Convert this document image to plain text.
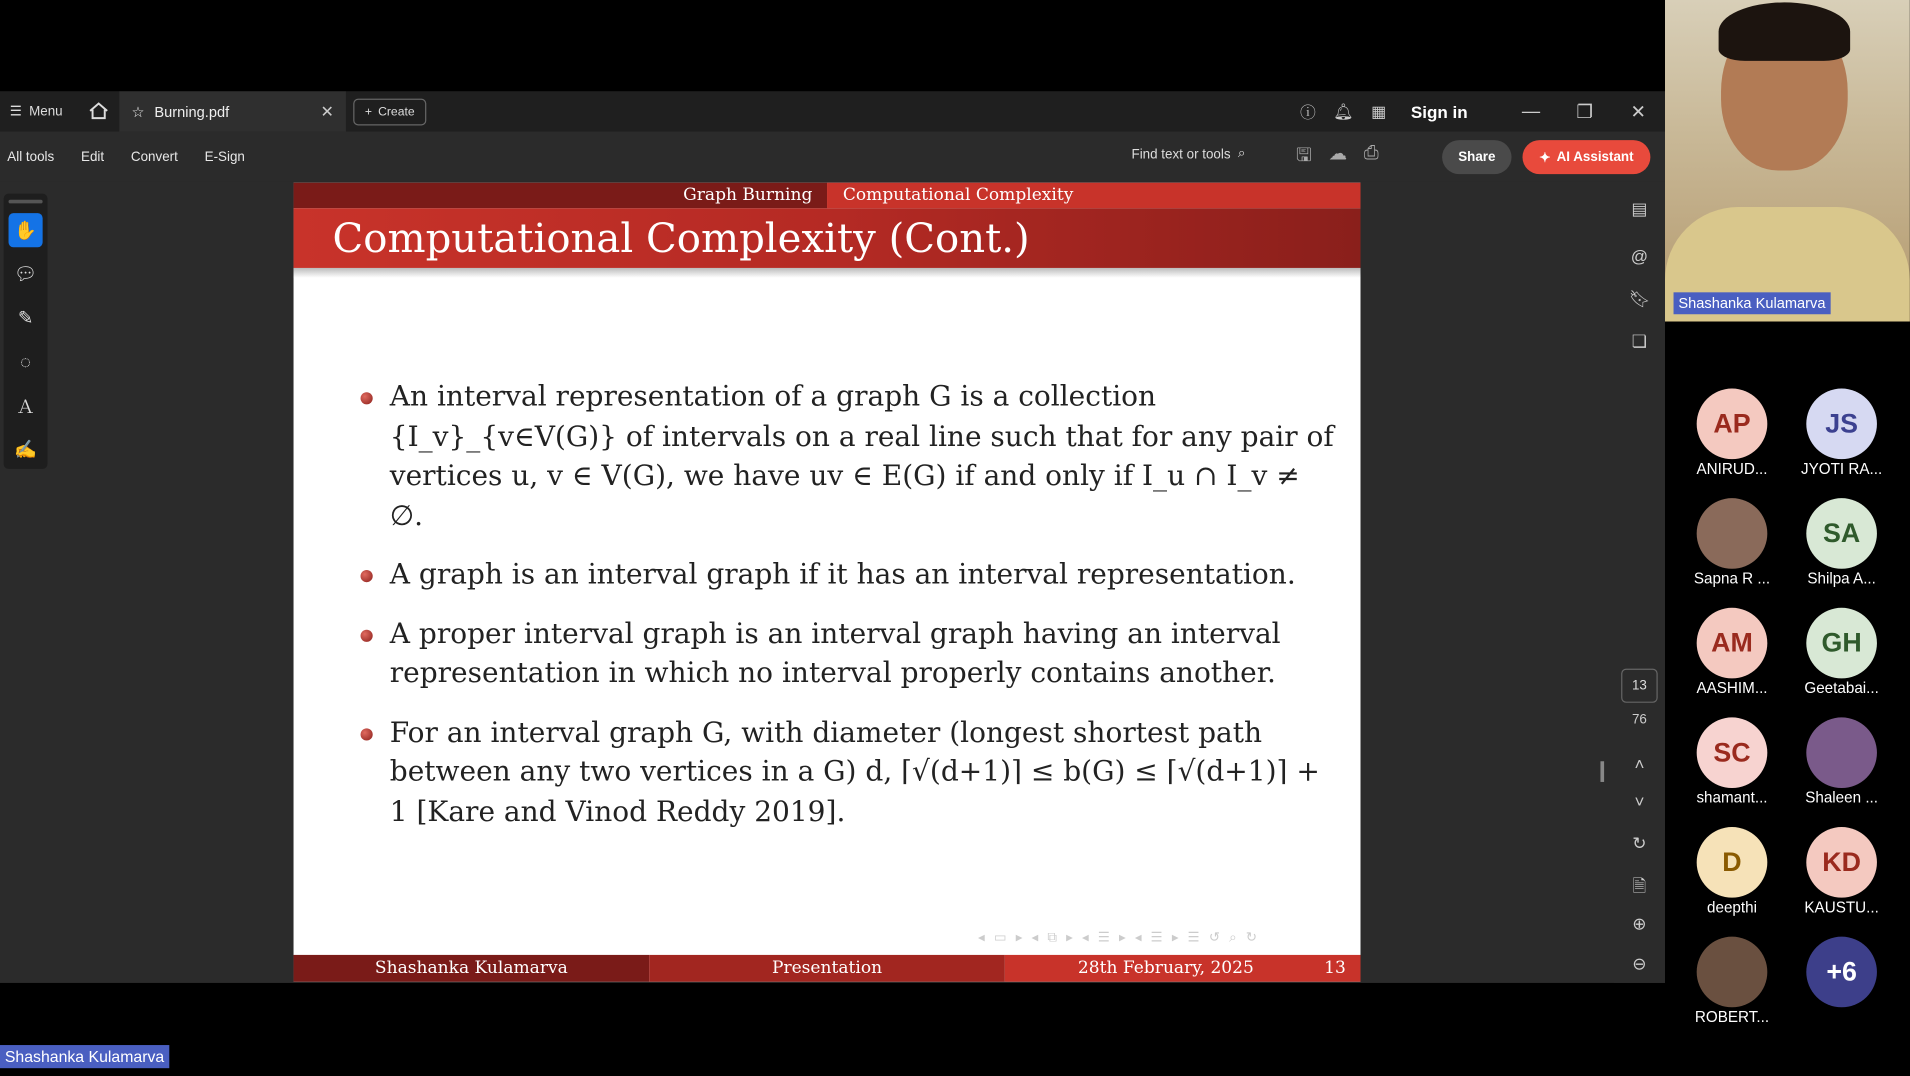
☰ Menu	☆ Burning.pdf	✕	+ Create	ⓘ	🔔︎	▦	Sign in	—	❐	✕
All tools Edit Convert E-Sign	Find text or tools ⌕	🖫 ☁ ⎙	Share	✦ AI Assistant
✋
💬︎
✎
◌
Ａ
✍
▤
@
🔖︎
❏
13
76
˄
˅
↻
🗎
⊕
⊖
Graph Burning	Computational Complexity
Computational Complexity (Cont.)
An interval representation of a graph G is a collection {I_v}_{v∈V(G)} of intervals on a real line such that for any pair of vertices u, v ∈ V(G), we have uv ∈ E(G) if and only if I_u ∩ I_v ≠ ∅.
A graph is an interval graph if it has an interval representation.
A proper interval graph is an interval graph having an interval representation in which no interval properly contains another.
For an interval graph G, with diameter (longest shortest path between any two vertices in a G) d, ⌈√(d+1)⌉ ≤ b(G) ≤ ⌈√(d+1)⌉ + 1 [Kare and Vinod Reddy 2019].
◂ ▭ ▸ ◂ ⧉ ▸ ◂ ☰ ▸ ◂ ☰ ▸ ☰ ↺ ⌕ ↻
Shashanka Kulamarva	Presentation	28th February, 2025	13
Shashanka Kulamarva
AP
ANIRUD...
JS
JYOTI RA...
Sapna R ...
SA
Shilpa A...
AM
AASHIM...
GH
Geetabai...
SC
shamant...	Shaleen ...
D
deepthi
KD
KAUSTU...
ROBERT...
+6
Shashanka Kulamarva
